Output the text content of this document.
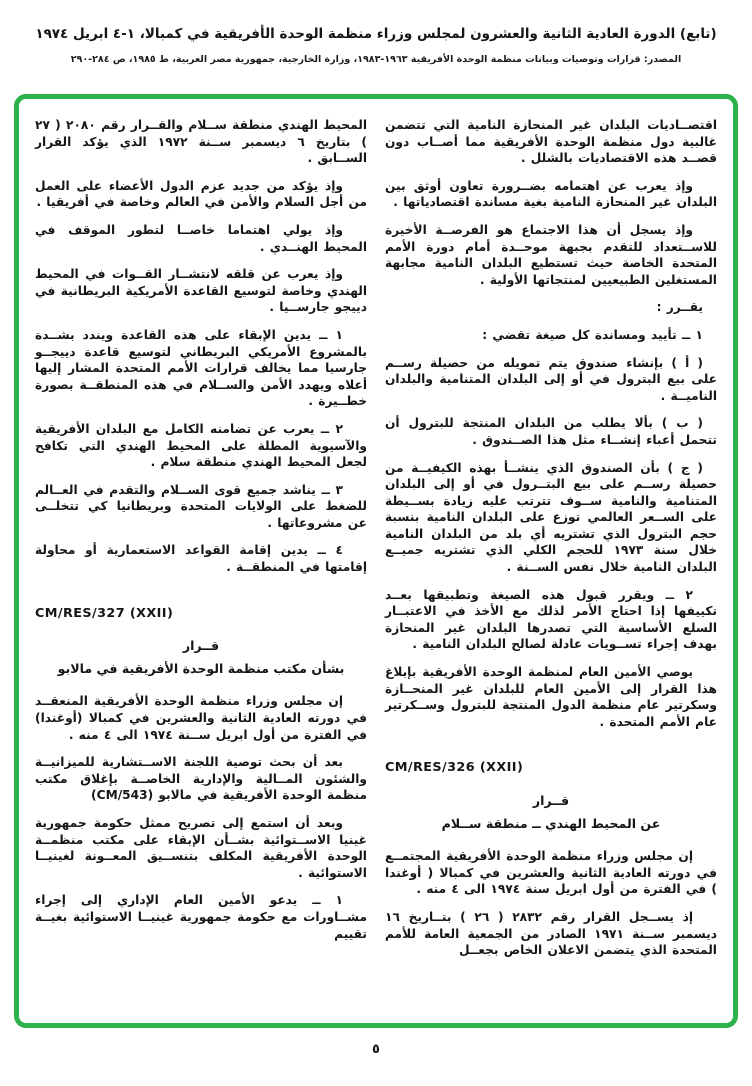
(تابع) الدورة العادية الثانية والعشرون لمجلس وزراء منظمة الوحدة الأفريقية في كمبالا، ١-٤ ابريل ١٩٧٤
المصدر: قرارات وتوصيات وبيانات منظمة الوحدة الأفريقية ١٩٦٣-١٩٨٣، وزارة الخارجية، جمهورية مصر العربية، ط ١٩٨٥، ص ٢٨٤-٢٩٠

اقتصــاديات البلدان غير المنحازة النامية التي تتضمن غالبية دول منظمة الوحدة الأفريقية مما أصــاب دون قصــد هذه الاقتصاديات بالشلل .

وإذ يعرب عن اهتمامه بضــرورة تعاون أوثق بين البلدان غير المنحازة النامية بغية مساندة اقتصادياتها .

وإذ يسجل أن هذا الاجتماع هو الفرصــة الأخيرة للاســتعداد للتقدم بجبهة موحــدة أمام دورة الأمم المتحدة الخاصة حيث تستطيع البلدان النامية مجابهة المستغلين الطبيعيين لمنتجاتها الأولية .

يقــرر :

١ ــ تأييد ومساندة كل صيغة تقضي :

( أ ) بإنشاء صندوق يتم تمويله من حصيلة رســم على بيع البترول في أو إلى البلدان المتنامية والبلدان الناميــة .

( ب ) بألا يطلب من البلدان المنتجة للبترول أن تتحمل أعباء إنشــاء مثل هذا الصــندوق .

( ج ) بأن الصندوق الذي ينشــأ بهذه الكيفيــة من حصيلة رســم على بيع البتــرول في أو إلى البلدان المتنامية والنامية ســوف تترتب عليه زيادة بســيطة على الســعر العالمي توزع على البلدان النامية بنسبة حجم البترول الذي تشتريه أي بلد من البلدان النامية خلال سنة ١٩٧٣ للحجم الكلي الذي تشتريه جميــع البلدان النامية خلال نفس الســنة .

٢ ــ ويقرر قبول هذه الصيغة وتطبيقها بعــد تكييفها إذا احتاج الأمر لذلك مع الأخذ في الاعتبــار السلع الأساسية التي تصدرها البلدان غير المنحازة بهدف إجراء تســويات عادلة لصالح البلدان النامية .

يوصي الأمين العام لمنظمة الوحدة الأفريقية بإبلاغ هذا القرار إلى الأمين العام للبلدان غير المنحــازة وسكرتير عام منظمة الدول المنتجة للبترول وســكرتير عام الأمم المتحدة .

CM/RES/326 (XXII)

قــرار

عن المحيط الهندي ــ منطقة ســلام

إن مجلس وزراء منظمة الوحدة الأفريقية المجتمــع في دورته العادية الثانية والعشرين في كمبالا ( أوغندا ) في الفترة من أول ابريل سنة ١٩٧٤ الى ٤ منه .

إذ يســجل القرار رقم ٢٨٣٢ ( ٢٦ ) بتــاريخ ١٦ ديسمبر ســنة ١٩٧١ الصادر من الجمعية العامة للأمم المتحدة الذي يتضمن الاعلان الخاص بجعــل

المحيط الهندي منطقة ســلام والقــرار رقم ٢٠٨٠ ( ٢٧ ) بتاريخ ٦ ديسمبر ســنة ١٩٧٢ الذي يؤكد القرار الســابق .

وإذ يؤكد من جديد عزم الدول الأعضاء على العمل من أجل السلام والأمن في العالم وخاصة في أفريقيا .

وإذ يولي اهتماما خاصــا لتطور الموقف في المحيط الهنــدي .

وإذ يعرب عن قلقه لانتشــار القــوات في المحيط الهندي وخاصة لتوسيع القاعدة الأمريكية البريطانية في دييجو جارســيا .

١ ــ يدين الإبقاء على هذه القاعدة ويندد بشــدة بالمشروع الأمريكي البريطاني لتوسيع قاعدة دييجــو جارسيا مما يخالف قرارات الأمم المتحدة المشار إليها أعلاه ويهدد الأمن والســلام في هذه المنطقــة بصورة خطــيرة .

٢ ــ يعرب عن تضامنه الكامل مع البلدان الأفريقية والآسيوية المطلة على المحيط الهندي التي تكافح لجعل المحيط الهندي منطقة سلام .

٣ ــ يناشد جميع قوى الســلام والتقدم في العــالم للضغط على الولايات المتحدة وبريطانيا كي تتخلــى عن مشروعاتها .

٤ ــ يدين إقامة القواعد الاستعمارية أو محاولة إقامتها في المنطقــة .

CM/RES/327 (XXII)

قــرار

بشأن مكتب منظمة الوحدة الأفريقية في مالابو

إن مجلس وزراء منظمة الوحدة الأفريقية المنعقــد في دورته العادية الثانية والعشرين في كمبالا (أوغندا) في الفترة من أول ابريل ســنة ١٩٧٤ الى ٤ منه .

بعد أن بحث توصية اللجنة الاســتشارية للميزانيــة والشئون المــالية والإدارية الخاصــة بإغلاق مكتب منظمة الوحدة الأفريقية في مالابو (CM/543)

وبعد أن استمع إلى تصريح ممثل حكومة جمهورية غينيا الاســتوائية بشــأن الإبقاء على مكتب منظمــة الوحدة الأفريقية المكلف بتنســيق المعــونة لغينيــا الاستوائية .

١ ــ يدعو الأمين العام الإداري إلى إجراء مشــاورات مع حكومة جمهورية غينيــا الاستوائية بغيــة تقييم

٥
